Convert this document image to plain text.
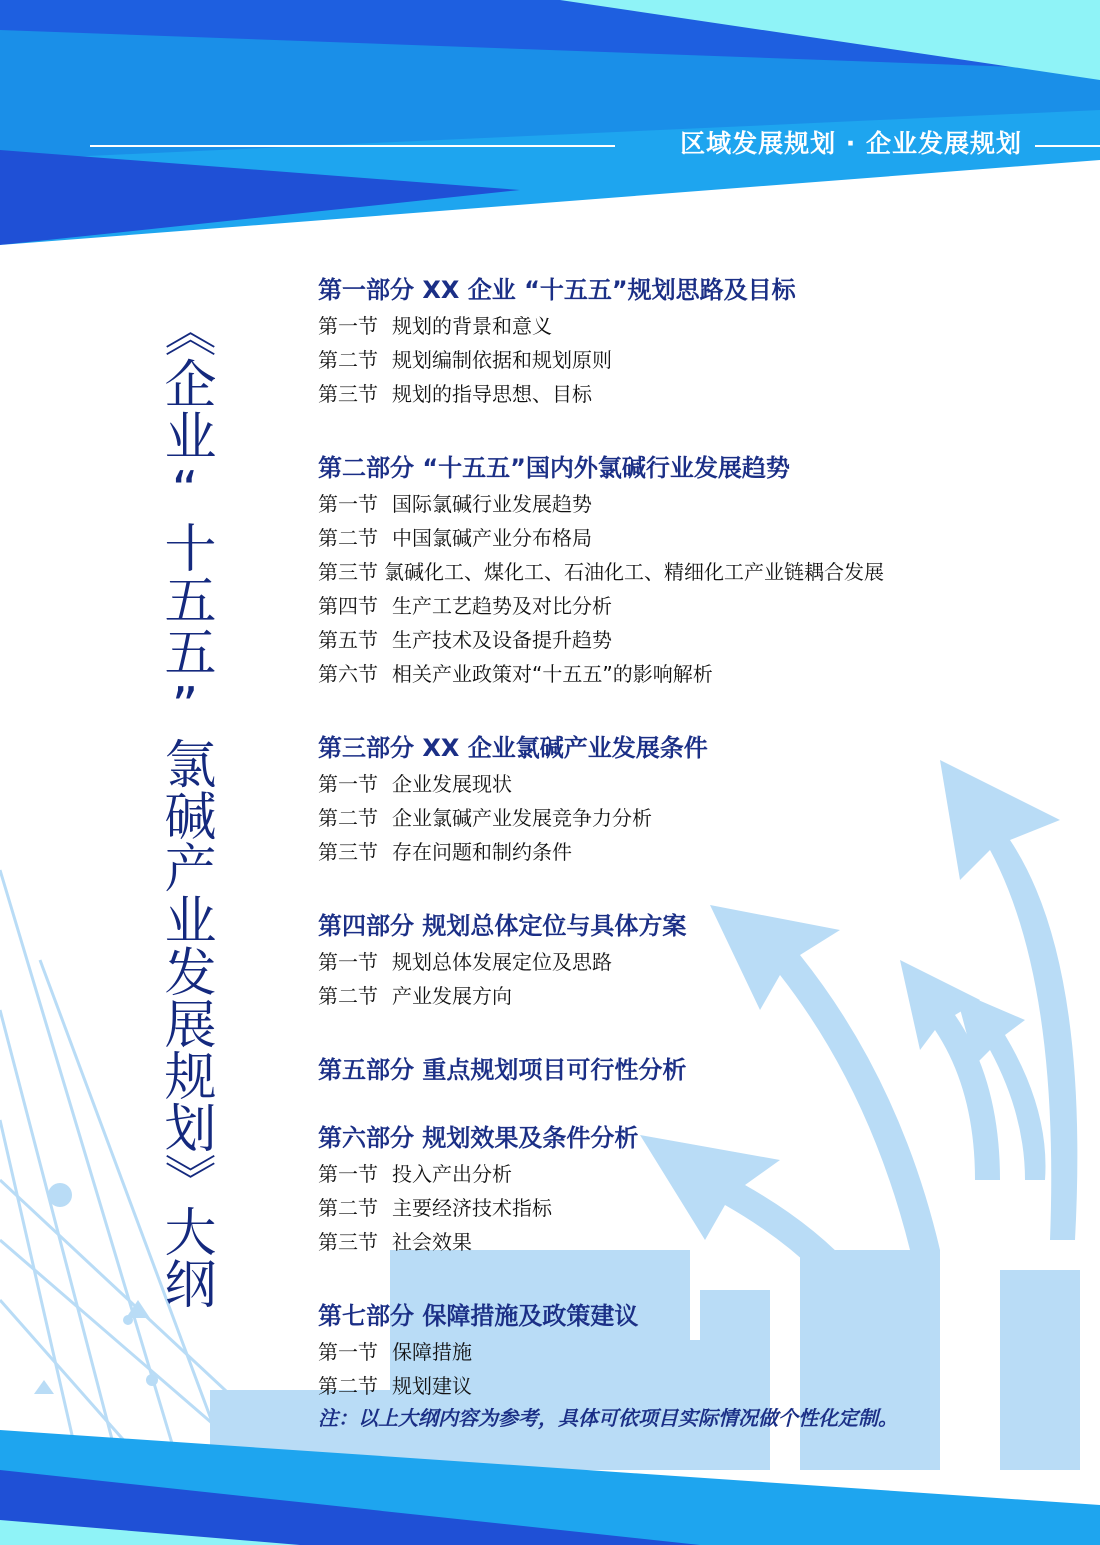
区域发展规划 · 企业发展规划
《企业“十五五”氯碱产业发展规划》大纲
第一部分 XX 企业 “十五五”规划思路及目标
第一节 规划的背景和意义
第二节 规划编制依据和规划原则
第三节 规划的指导思想、目标
第二部分 “十五五”国内外氯碱行业发展趋势
第一节 国际氯碱行业发展趋势
第二节 中国氯碱产业分布格局
第三节 氯碱化工、煤化工、石油化工、精细化工产业链耦合发展
第四节 生产工艺趋势及对比分析
第五节 生产技术及设备提升趋势
第六节 相关产业政策对“十五五”的影响解析
第三部分 XX 企业氯碱产业发展条件
第一节 企业发展现状
第二节 企业氯碱产业发展竞争力分析
第三节 存在问题和制约条件
第四部分 规划总体定位与具体方案
第一节 规划总体发展定位及思路
第二节 产业发展方向
第五部分 重点规划项目可行性分析
第六部分 规划效果及条件分析
第一节 投入产出分析
第二节 主要经济技术指标
第三节 社会效果
第七部分 保障措施及政策建议
第一节 保障措施
第二节 规划建议
注：以上大纲内容为参考，具体可依项目实际情况做个性化定制。
